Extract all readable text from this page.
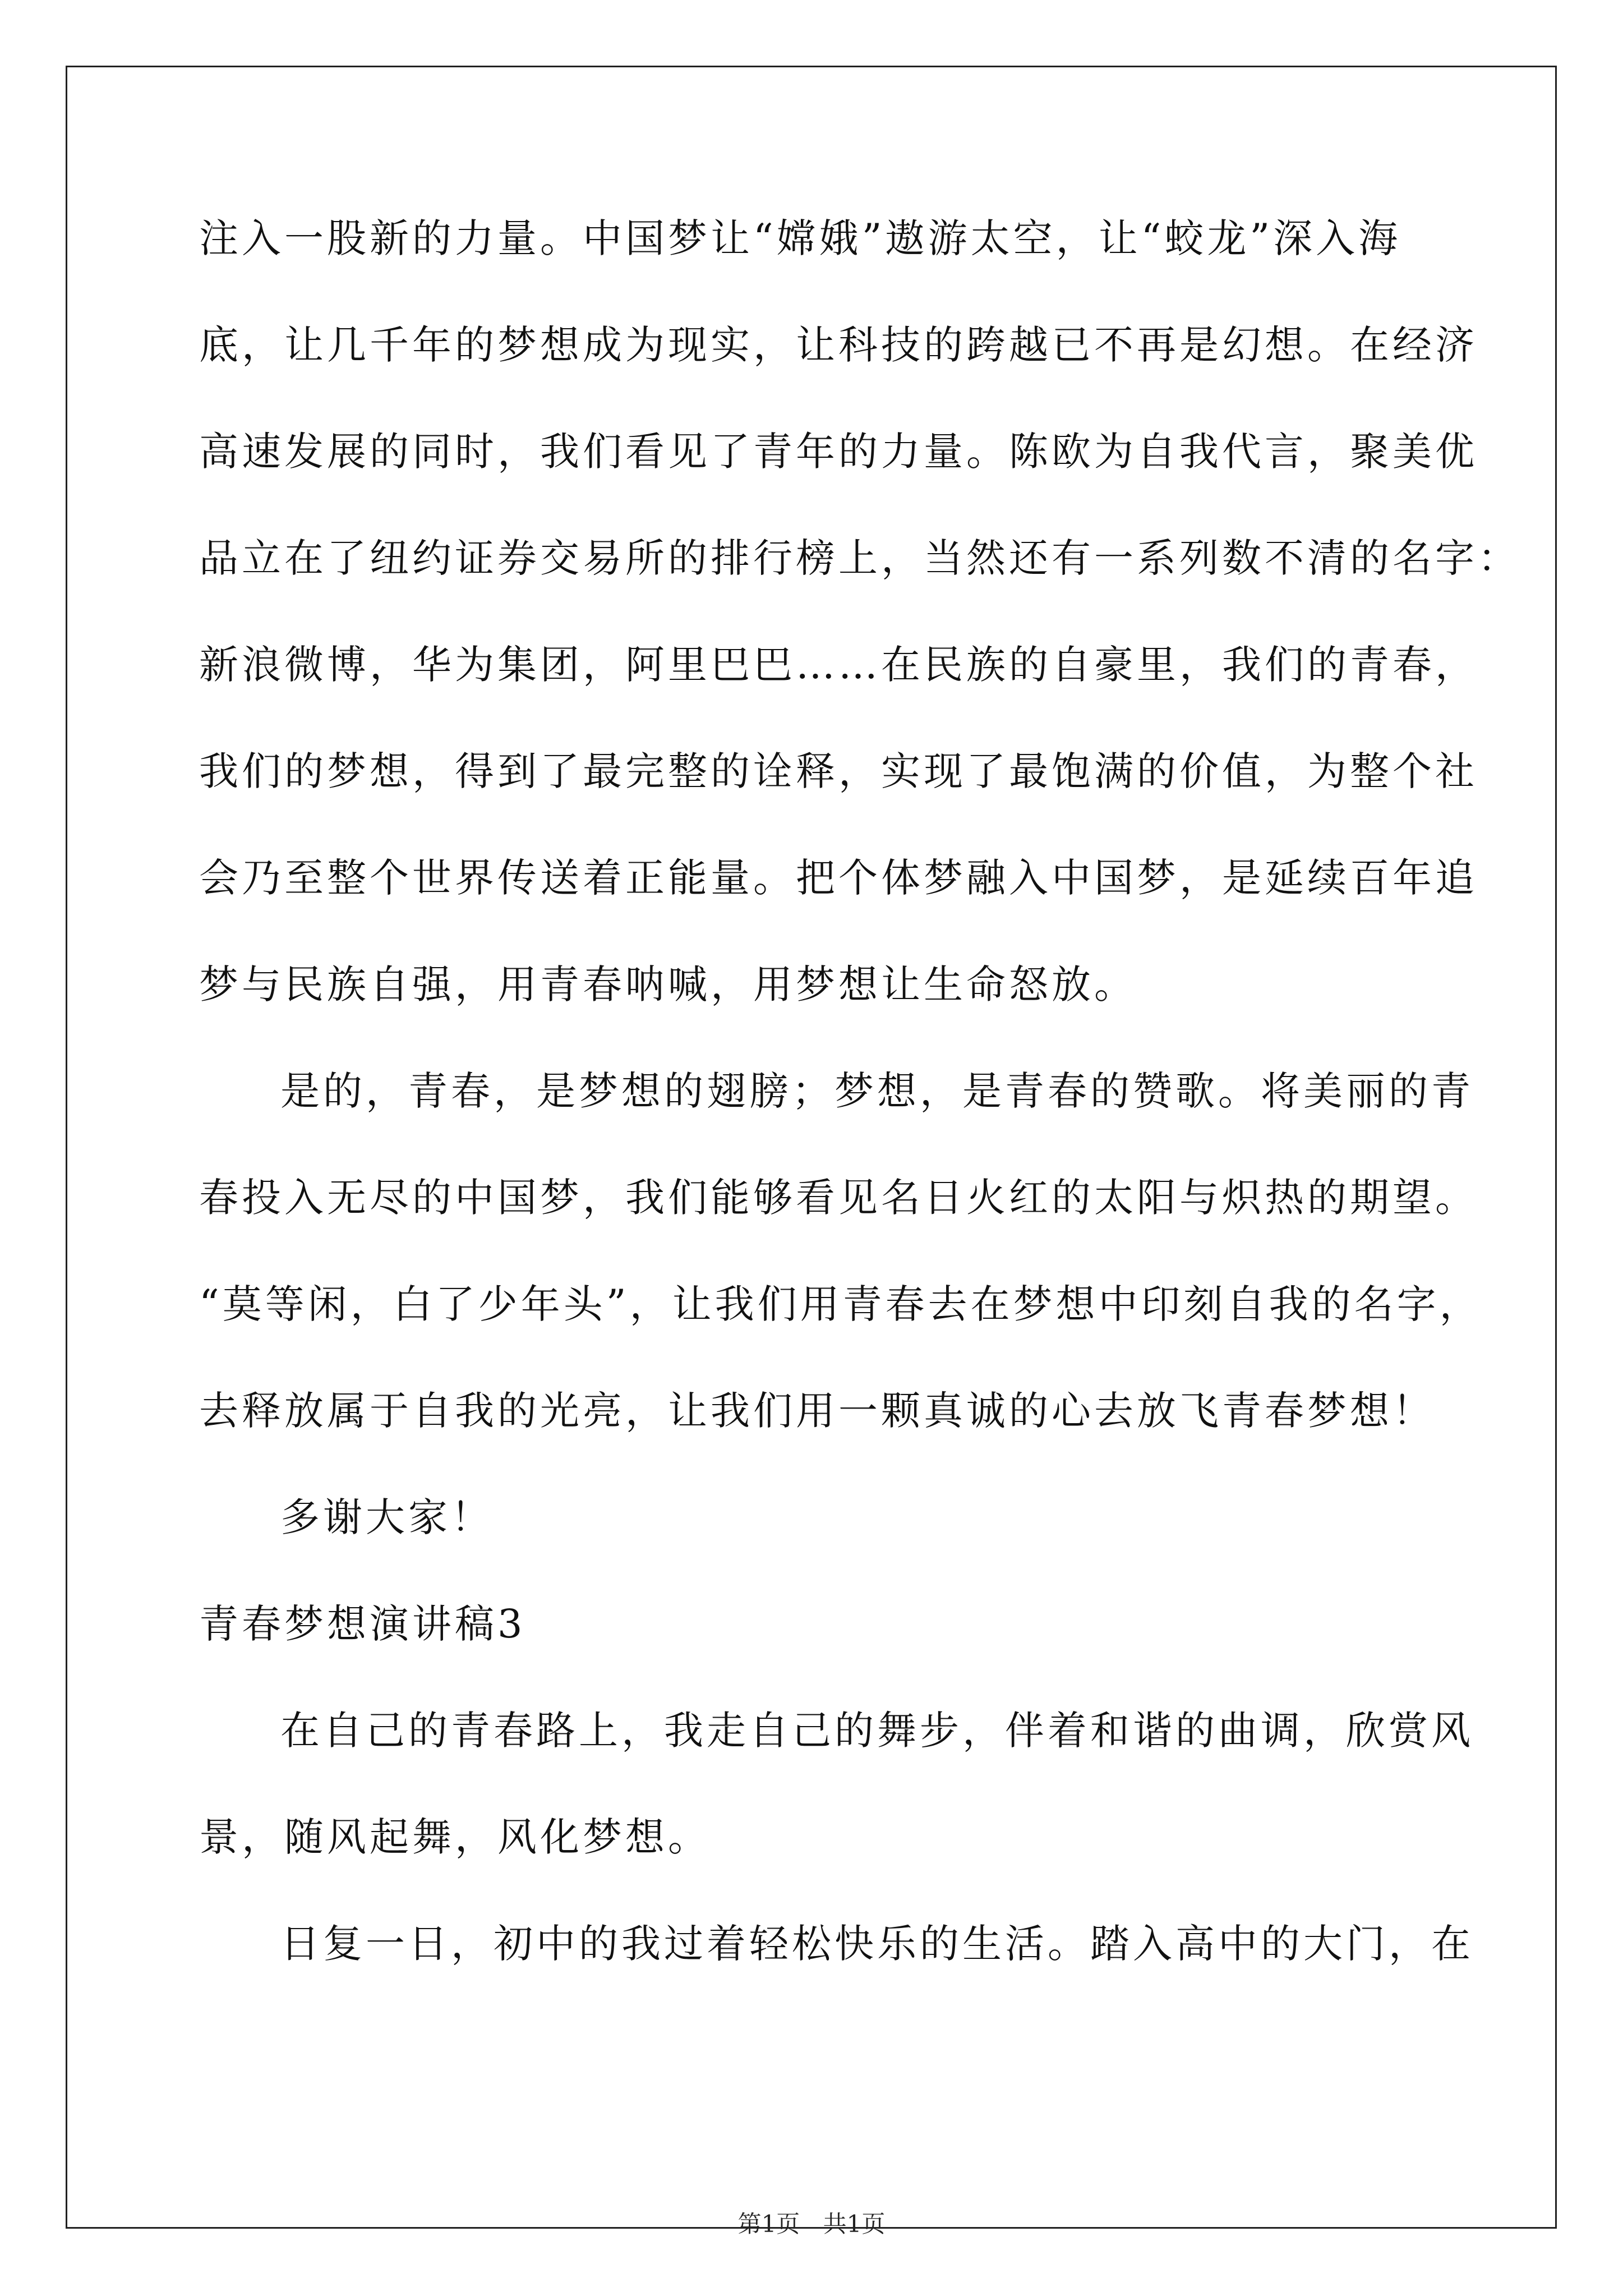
注入一股新的力量。中国梦让“嫦娥”遨游太空，让“蛟龙”深入海
底，让几千年的梦想成为现实，让科技的跨越已不再是幻想。在经济
高速发展的同时，我们看见了青年的力量。陈欧为自我代言，聚美优
品立在了纽约证券交易所的排行榜上，当然还有一系列数不清的名字：
新浪微博，华为集团，阿里巴巴……在民族的自豪里，我们的青春，
我们的梦想，得到了最完整的诠释，实现了最饱满的价值，为整个社
会乃至整个世界传送着正能量。把个体梦融入中国梦，是延续百年追
梦与民族自强，用青春呐喊，用梦想让生命怒放。
是的，青春，是梦想的翅膀；梦想，是青春的赞歌。将美丽的青
春投入无尽的中国梦，我们能够看见名日火红的太阳与炽热的期望。
“莫等闲，白了少年头”，让我们用青春去在梦想中印刻自我的名字，
去释放属于自我的光亮，让我们用一颗真诚的心去放飞青春梦想！
多谢大家！
青春梦想演讲稿3
在自己的青春路上，我走自己的舞步，伴着和谐的曲调，欣赏风
景，随风起舞，风化梦想。
日复一日，初中的我过着轻松快乐的生活。踏入高中的大门，在
第1页 共1页
